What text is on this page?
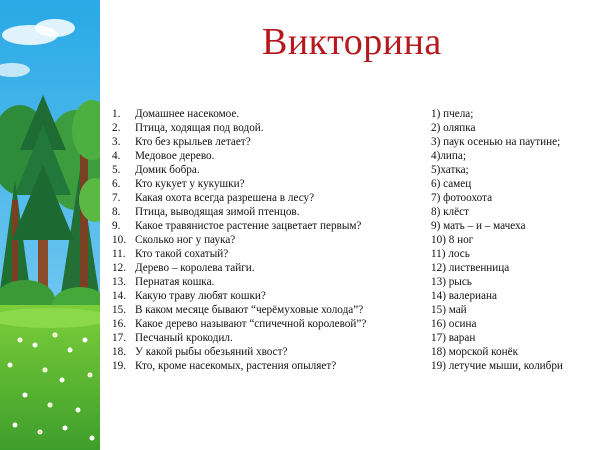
Викторина
1. Домашнее насекомое.	1) пчела;
2. Птица, ходящая под водой.	2) оляпка
3. Кто без крыльев летает?	3) паук осенью на паутине;
4. Медовое дерево.	4)липа;
5. Домик бобра.	5)хатка;
6. Кто кукует у кукушки?	6) самец
7. Какая охота всегда разрешена в лесу?	7) фотоохота
8. Птица, выводящая зимой птенцов.	8) клёст
9. Какое травянистое растение зацветает первым?	9) мать – и – мачеха
10. Сколько ног у паука?	10) 8 ног
11. Кто такой сохатый?	11) лось
12. Дерево – королева тайги.	12) лиственница
13. Пернатая кошка.	13) рысь
14. Какую траву любят кошки?	14) валериана
15. В каком месяце бывают “черёмуховые холода”?	15) май
16. Какое дерево называют “спичечной королевой”?	16) осина
17. Песчаный крокодил.	17) варан
18. У какой рыбы обезьяний хвост?	18) морской конёк
19. Кто, кроме насекомых, растения опыляет?	19) летучие мыши, колибри
